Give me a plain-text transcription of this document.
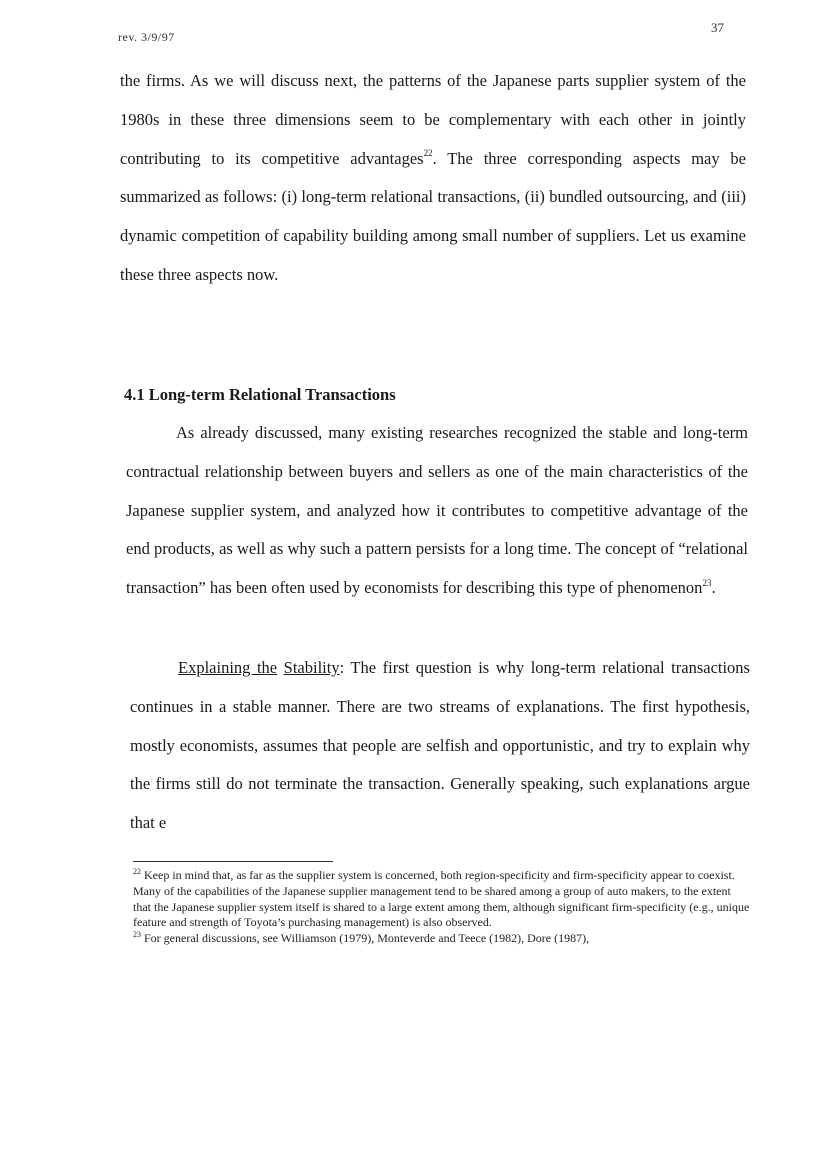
rev. 3/9/97
37

the firms. As we will discuss next, the patterns of the Japanese parts supplier system of the 1980s in these three dimensions seem to be complementary with each other in jointly contributing to its competitive advantages$^{22}$. The three corresponding aspects may be summarized as follows: (i) long-term relational transactions, (ii) bundled outsourcing, and (iii) dynamic competition of capability building among small number of suppliers. Let us examine these three aspects now.

4.1 Long-term Relational Transactions

As already discussed, many existing researches recognized the stable and long-term contractual relationship between buyers and sellers as one of the main characteristics of the Japanese supplier system, and analyzed how it contributes to competitive advantage of the end products, as well as why such a pattern persists for a long time. The concept of “relational transaction” has been often used by economists for describing this type of phenomenon$^{23}$.

Explaining the Stability: The first question is why long-term relational transactions continues in a stable manner. There are two streams of explanations. The first hypothesis, mostly economists, assumes that people are selfish and opportunistic, and try to explain why the firms still do not terminate the transaction. Generally speaking, such explanations argue that e

$^{22}$ Keep in mind that, as far as the supplier system is concerned, both region-specificity and firm-specificity appear to coexist. Many of the capabilities of the Japanese supplier management tend to be shared among a group of auto makers, to the extent that the Japanese supplier system itself is shared to a large extent among them, although significant firm-specificity (e.g., unique feature and strength of Toyota’s purchasing management) is also observed.

$^{23}$ For general discussions, see Williamson (1979), Monteverde and Teece (1982), Dore (1987),
